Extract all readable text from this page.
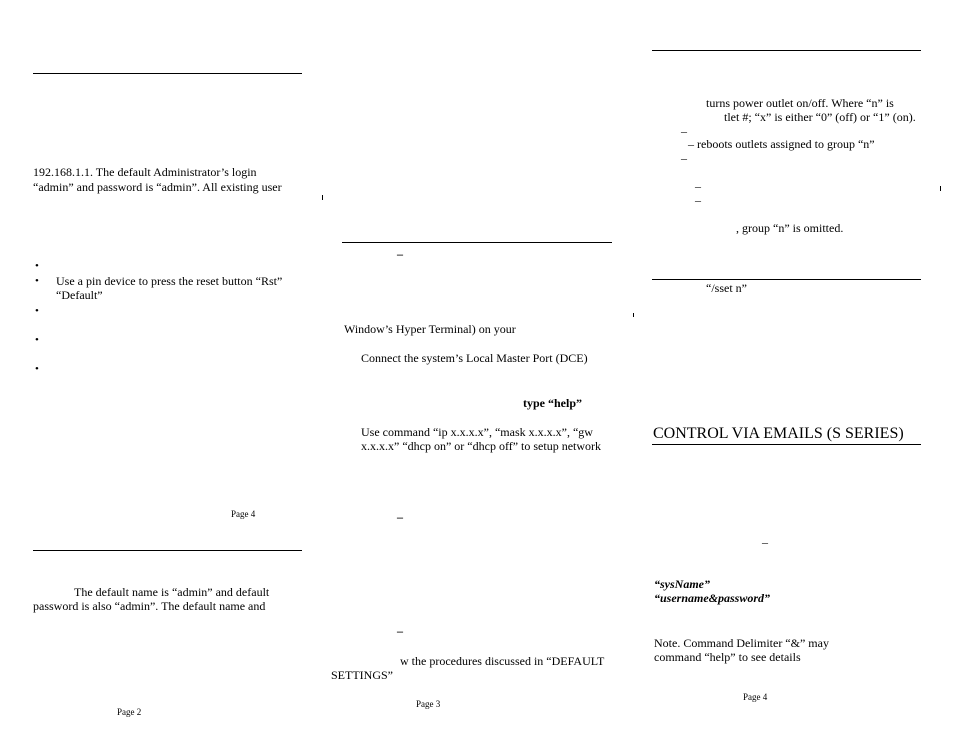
192.168.1.1. The default Administrator’s login
“admin” and password is “admin”. All existing user
•
• Use a pin device to press the reset button “Rst”
“Default”
•
•
•
Page 4
The default name is “admin” and default
password is also “admin”. The default name and
Page 2
–
Window’s Hyper Terminal) on your
Connect the system’s Local Master Port (DCE)
type “help”
Use command “ip x.x.x.x”, “mask x.x.x.x”, “gw
x.x.x.x” “dhcp on” or “dhcp off” to setup network
–
–
w the procedures discussed in “DEFAULT
SETTINGS”
Page 3
turns power outlet on/off. Where “n” is
tlet #; “x” is either “0” (off) or “1” (on).
–
– reboots outlets assigned to group “n”
–
–
–
, group “n” is omitted.
“/sset n”
CONTROL VIA EMAILS (S SERIES)
–
“sysName”
“username&password”
Note. Command Delimiter “&” may
command “help” to see details
Page 4
